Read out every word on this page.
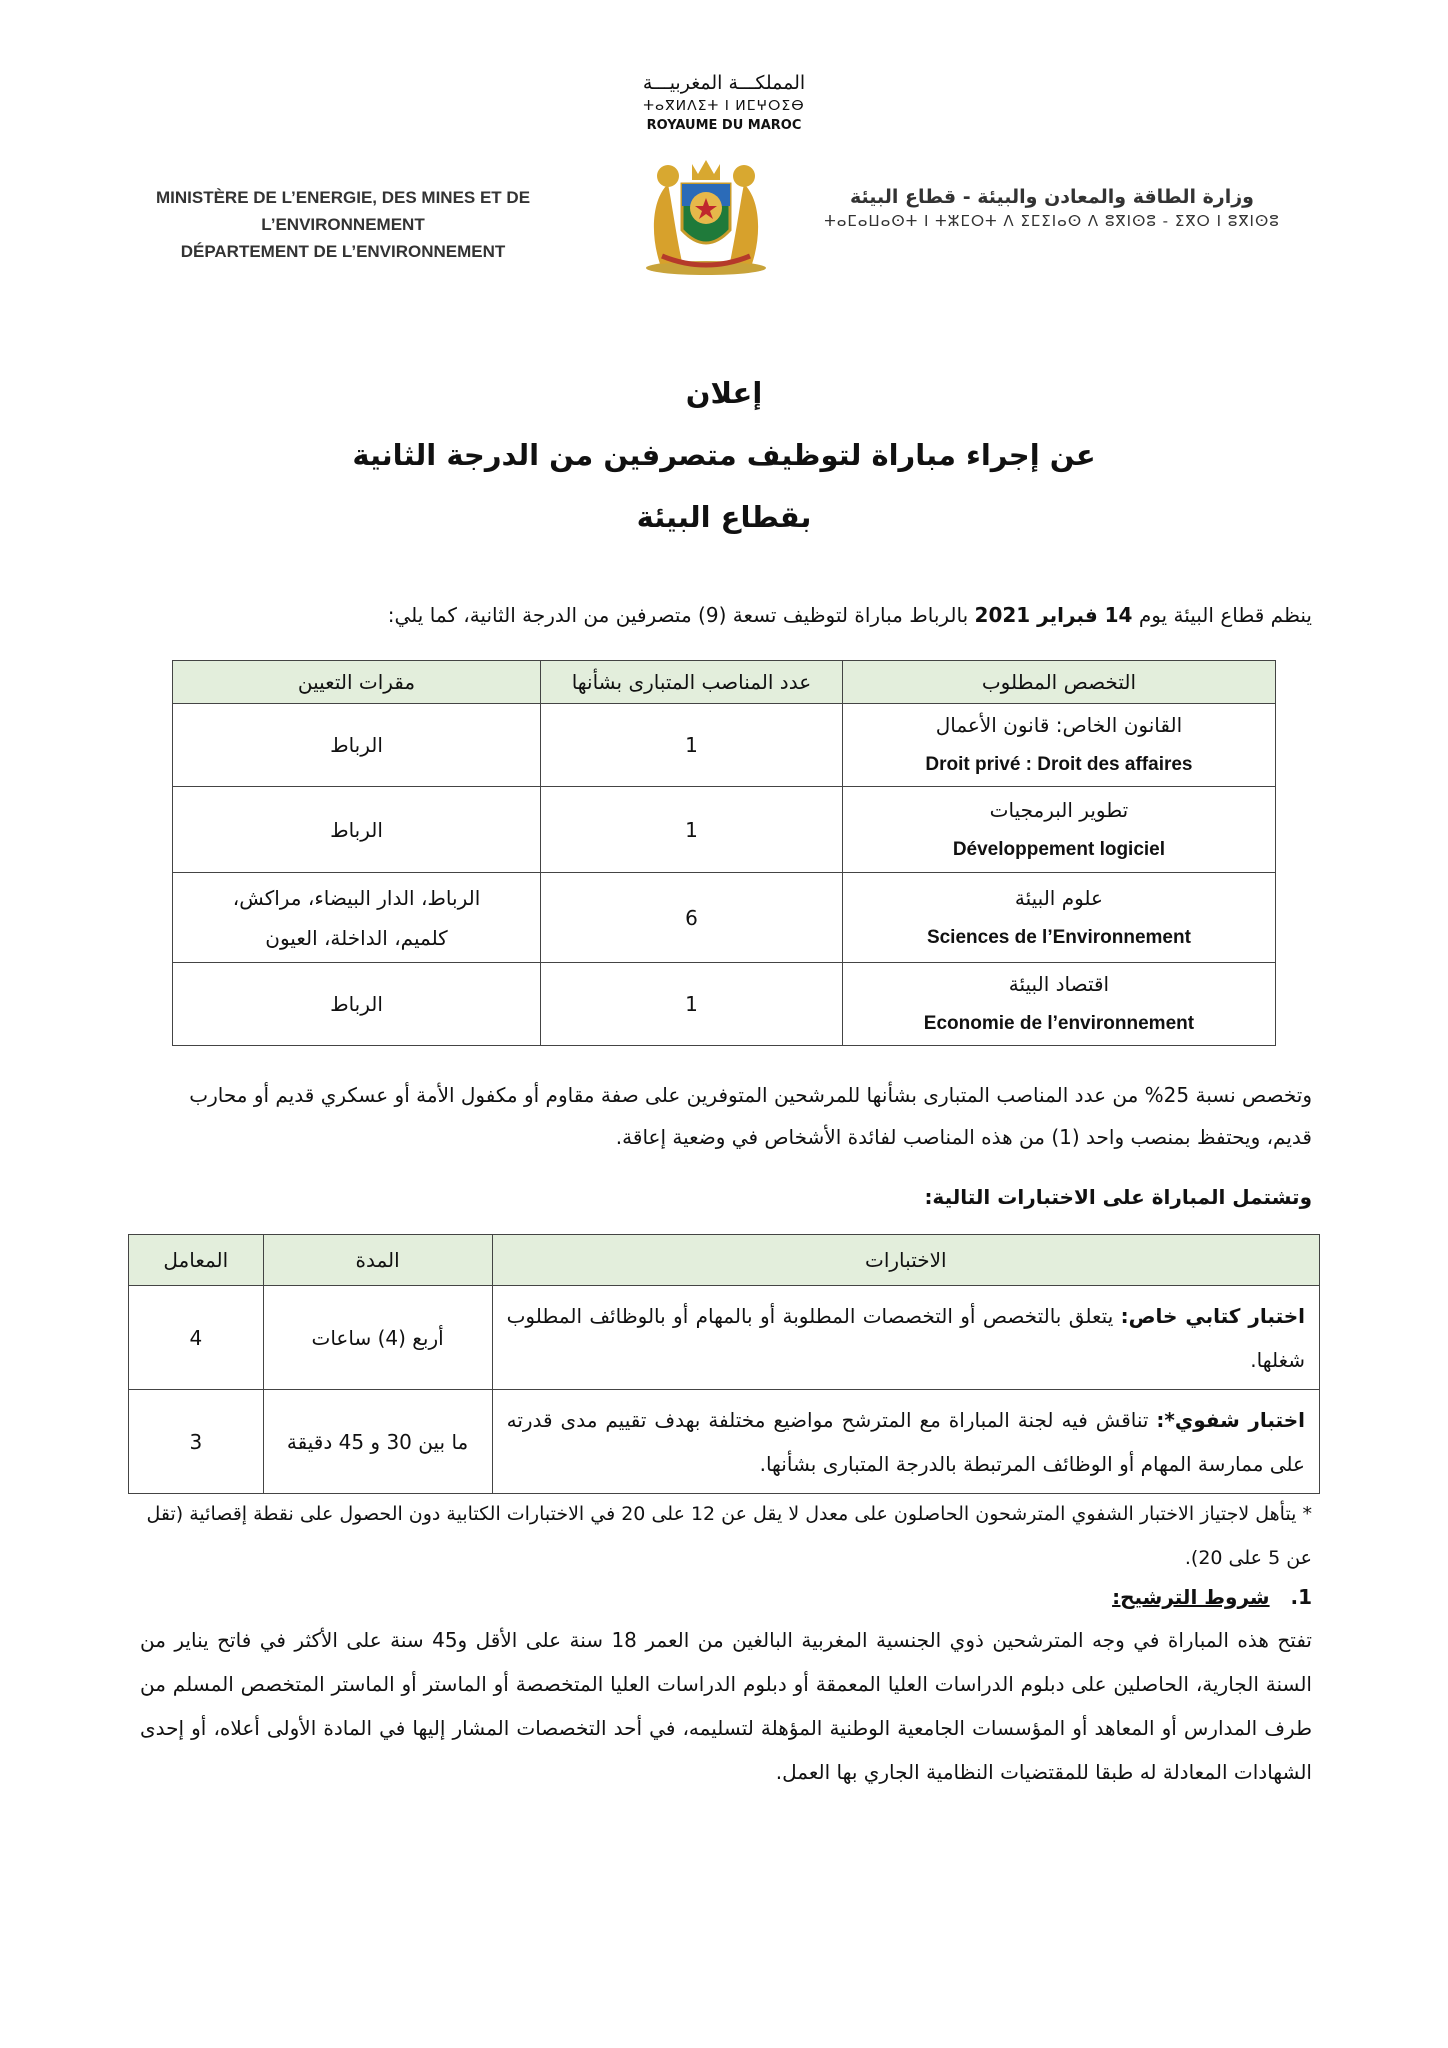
المملكـــة المغربيـــة
ⵜⴰⴳⵍⴷⵉⵜ ⵏ ⵍⵎⵖⵔⵉⴱ
ROYAUME DU MAROC
MINISTÈRE DE L’ENERGIE, DES MINES ET DE L’ENVIRONNEMENT
DÉPARTEMENT DE L’ENVIRONNEMENT
وزارة الطاقة والمعادن والبيئة - قطاع البيئة
ⵜⴰⵎⴰⵡⴰⵙⵜ ⵏ ⵜⵣⵎⵔⵜ ⴷ ⵉⵎⵉⵏⴰⵙ ⴷ ⵓⴳⵏⵙⵓ - ⵉⴳⵔ ⵏ ⵓⴳⵏⵙⵓ
إعلان
عن إجراء مباراة لتوظيف متصرفين من الدرجة الثانية
بقطاع البيئة
ينظم قطاع البيئة يوم 14 فبراير 2021 بالرباط مباراة لتوظيف تسعة (9) متصرفين من الدرجة الثانية، كما يلي:
التخصص المطلوب	عدد المناصب المتبارى بشأنها	مقرات التعيين

القانون الخاص: قانون الأعمال
Droit privé : Droit des affaires	1	الرباط

تطوير البرمجيات
Développement logiciel	1	الرباط

علوم البيئة
Sciences de l’Environnement	6	الرباط، الدار البيضاء، مراكش، كلميم، الداخلة، العيون

اقتصاد البيئة
Economie de l’environnement	1	الرباط
وتخصص نسبة 25% من عدد المناصب المتبارى بشأنها للمرشحين المتوفرين على صفة مقاوم أو مكفول الأمة أو عسكري قديم أو محارب قديم، ويحتفظ بمنصب واحد (1) من هذه المناصب لفائدة الأشخاص في وضعية إعاقة.
وتشتمل المباراة على الاختبارات التالية:
الاختبارات	المدة	المعامل
اختبار كتابي خاص: يتعلق بالتخصص أو التخصصات المطلوبة أو بالمهام أو بالوظائف المطلوب شغلها.	أربع (4) ساعات	4
اختبار شفوي*: تناقش فيه لجنة المباراة مع المترشح مواضيع مختلفة بهدف تقييم مدى قدرته على ممارسة المهام أو الوظائف المرتبطة بالدرجة المتبارى بشأنها.	ما بين 30 و 45 دقيقة	3
* يتأهل لاجتياز الاختبار الشفوي المترشحون الحاصلون على معدل لا يقل عن 12 على 20 في الاختبارات الكتابية دون الحصول على نقطة إقصائية (تقل عن 5 على 20).
1.   شروط الترشيح:
تفتح هذه المباراة في وجه المترشحين ذوي الجنسية المغربية البالغين من العمر 18 سنة على الأقل و45 سنة على الأكثر في فاتح يناير من السنة الجارية، الحاصلين على دبلوم الدراسات العليا المعمقة أو دبلوم الدراسات العليا المتخصصة أو الماستر أو الماستر المتخصص المسلم من طرف المدارس أو المعاهد أو المؤسسات الجامعية الوطنية المؤهلة لتسليمه، في أحد التخصصات المشار إليها في المادة الأولى أعلاه، أو إحدى الشهادات المعادلة له طبقا للمقتضيات النظامية الجاري بها العمل.
